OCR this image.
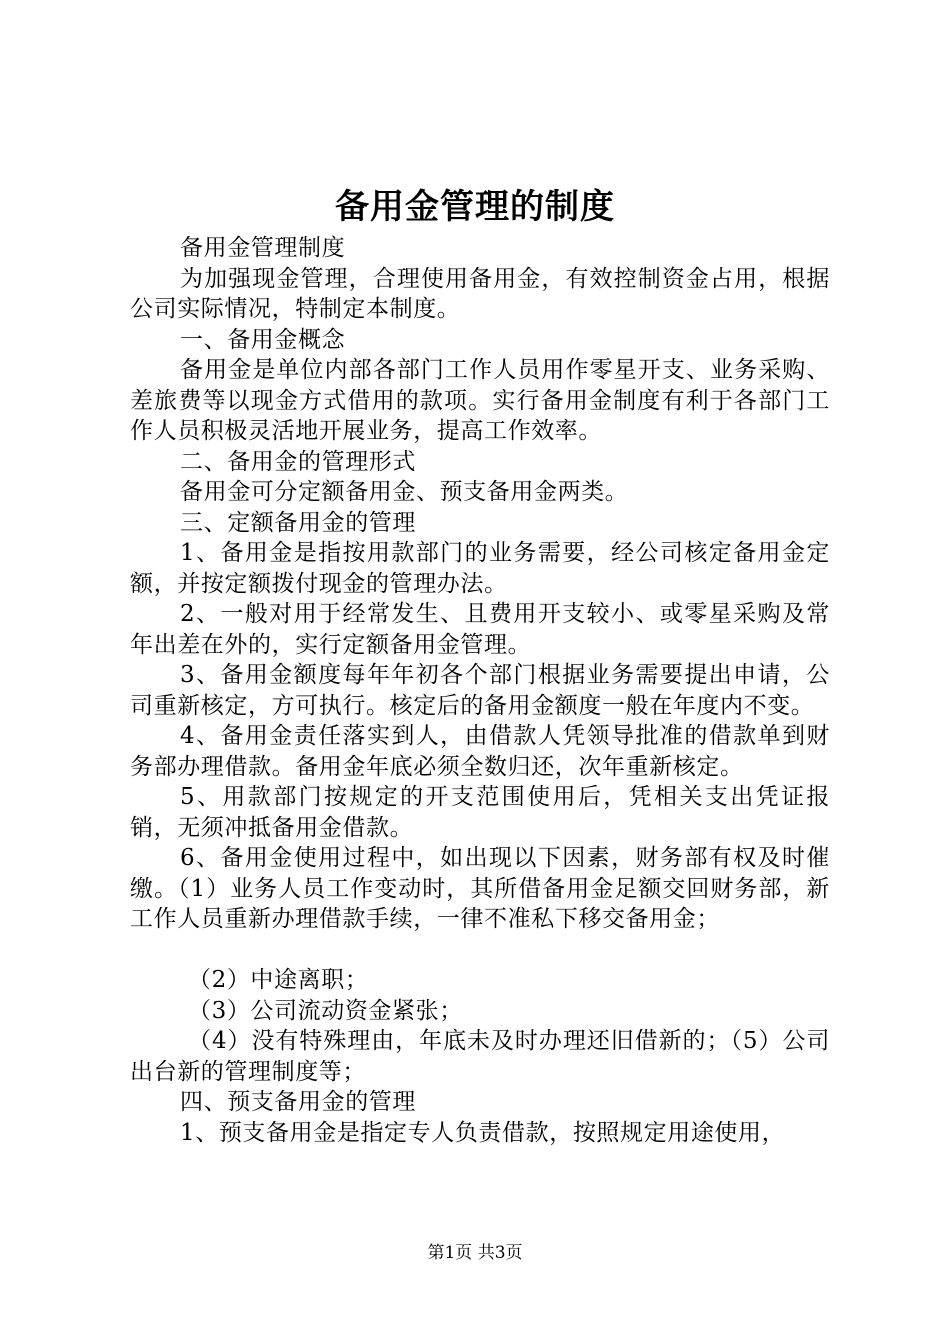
备用金管理的制度

备用金管理制度

为加强现金管理，合理使用备用金，有效控制资金占用，根据公司实际情况，特制定本制度。

一、备用金概念

备用金是单位内部各部门工作人员用作零星开支、业务采购、差旅费等以现金方式借用的款项。实行备用金制度有利于各部门工作人员积极灵活地开展业务，提高工作效率。

二、备用金的管理形式

备用金可分定额备用金、预支备用金两类。

三、定额备用金的管理

1、备用金是指按用款部门的业务需要，经公司核定备用金定额，并按定额拨付现金的管理办法。

2、一般对用于经常发生、且费用开支较小、或零星采购及常年出差在外的，实行定额备用金管理。

3、备用金额度每年年初各个部门根据业务需要提出申请，公司重新核定，方可执行。核定后的备用金额度一般在年度内不变。

4、备用金责任落实到人，由借款人凭领导批准的借款单到财务部办理借款。备用金年底必须全数归还，次年重新核定。

5、用款部门按规定的开支范围使用后，凭相关支出凭证报销，无须冲抵备用金借款。

6、备用金使用过程中，如出现以下因素，财务部有权及时催缴。（1）业务人员工作变动时，其所借备用金足额交回财务部，新工作人员重新办理借款手续，一律不准私下移交备用金；

（2）中途离职；

（3）公司流动资金紧张；

（4）没有特殊理由，年底未及时办理还旧借新的；（5）公司出台新的管理制度等；

四、预支备用金的管理

1、预支备用金是指定专人负责借款，按照规定用途使用，

第1页 共3页
